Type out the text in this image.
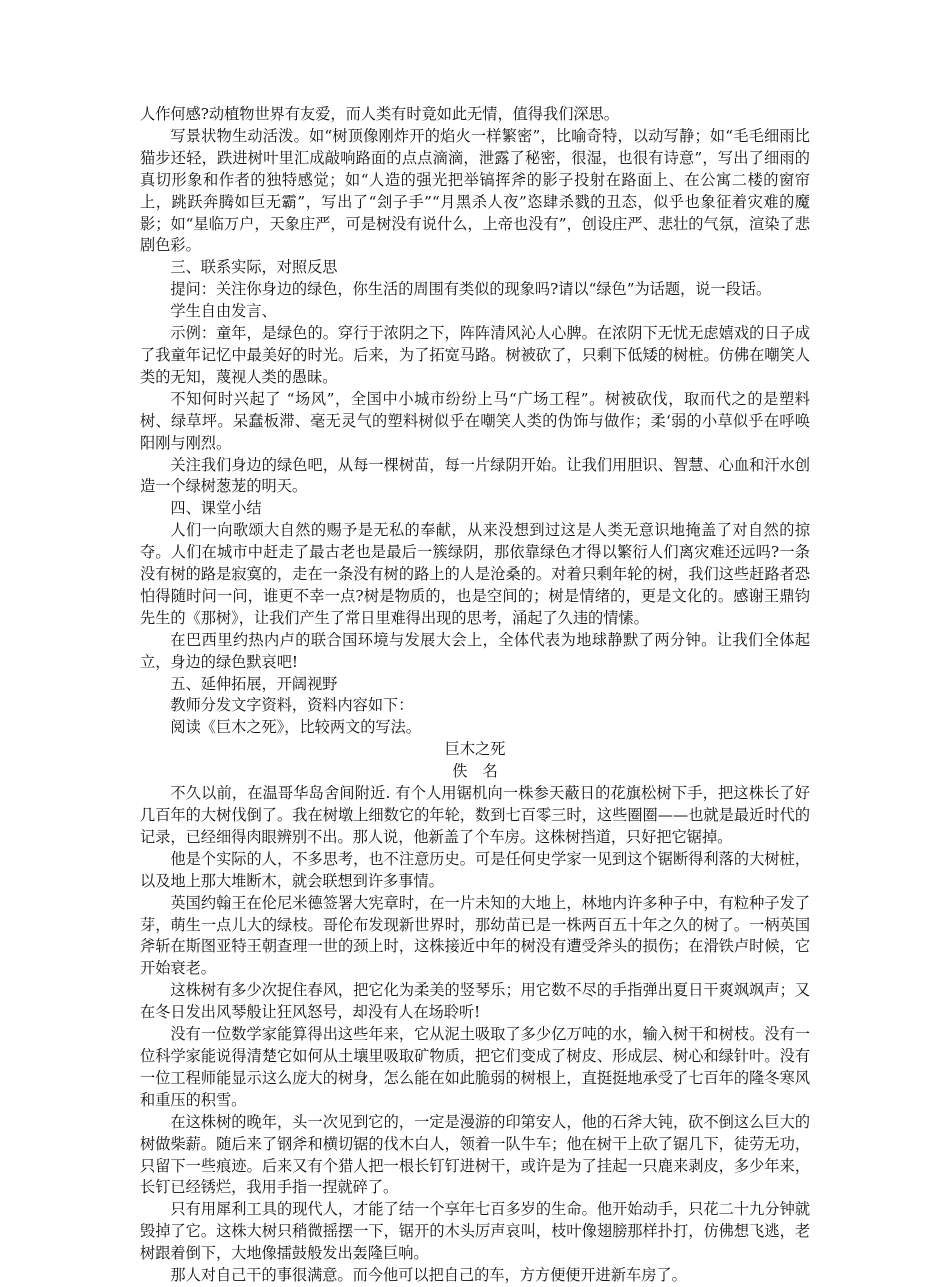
人作何感?动植物世界有友爱，而人类有时竟如此无情，值得我们深思。

写景状物生动活泼。如“树顶像刚炸开的焰火一样繁密”，比喻奇特，以动写静；如“毛毛细雨比猫步还轻，跌进树叶里汇成敲响路面的点点滴滴，泄露了秘密，很湿，也很有诗意”，写出了细雨的真切形象和作者的独特感觉；如“人造的强光把举镐挥斧的影子投射在路面上、在公寓二楼的窗帘上，跳跃奔腾如巨无霸”，写出了“刽子手”“月黑杀人夜”恣肆杀戮的丑态，似乎也象征着灾难的魔影；如“星临万户，天象庄严，可是树没有说什么，上帝也没有”，创设庄严、悲壮的气氛，渲染了悲剧色彩。

三、联系实际，对照反思

提问：关注你身边的绿色，你生活的周围有类似的现象吗?请以“绿色”为话题，说一段话。

学生自由发言、

示例：童年，是绿色的。穿行于浓阴之下，阵阵清风沁人心脾。在浓阴下无忧无虑嬉戏的日子成了我童年记忆中最美好的时光。后来，为了拓宽马路。树被砍了，只剩下低矮的树桩。仿佛在嘲笑人类的无知，蔑视人类的愚昧。

不知何时兴起了 “场风”，全国中小城市纷纷上马“广场工程”。树被砍伐，取而代之的是塑料树、绿草坪。呆蠢板滞、毫无灵气的塑料树似乎在嘲笑人类的伪饰与做作；柔‘弱的小草似乎在呼唤阳刚与刚烈。

关注我们身边的绿色吧，从每一棵树苗，每一片绿阴开始。让我们用胆识、智慧、心血和汗水创造一个绿树葱茏的明天。

四、课堂小结

人们一向歌颂大自然的赐予是无私的奉献，从来没想到过这是人类无意识地掩盖了对自然的掠夺。人们在城市中赶走了最古老也是最后一簇绿阴，那依靠绿色才得以繁衍人们离灾难还远吗?一条没有树的路是寂寞的，走在一条没有树的路上的人是沧桑的。对着只剩年轮的树，我们这些赶路者恐怕得随时问一问，谁更不幸一点?树是物质的，也是空间的；树是情绪的，更是文化的。感谢王鼎钧先生的《那树》，让我们产生了常日里难得出现的思考，涌起了久违的情愫。

在巴西里约热内卢的联合国环境与发展大会上，全体代表为地球静默了两分钟。让我们全体起立，身边的绿色默哀吧!

五、延伸拓展，开阔视野

教师分发文字资料，资料内容如下：

阅读《巨木之死》，比较两文的写法。

巨木之死

佚　名

不久以前，在温哥华岛舍间附近. 有个人用锯机向一株参天蔽日的花旗松树下手，把这株长了好几百年的大树伐倒了。我在树墩上细数它的年轮，数到七百零三时，这些圈圈——也就是最近时代的记录，已经细得肉眼辨别不出。那人说，他新盖了个车房。这株树挡道，只好把它锯掉。

他是个实际的人，不多思考，也不注意历史。可是任何史学家一见到这个锯断得利落的大树桩，以及地上那大堆断木，就会联想到许多事情。

英国约翰王在伦尼米德签署大宪章时，在一片未知的大地上，林地内许多种子中，有粒种子发了芽，萌生一点儿大的绿枝。哥伦布发现新世界时，那幼苗已是一株两百五十年之久的树了。一柄英国斧斩在斯图亚特王朝查理一世的颈上时，这株接近中年的树没有遭受斧头的损伤；在滑铁卢时候，它开始衰老。

这株树有多少次捉住春风，把它化为柔美的竖琴乐；用它数不尽的手指弹出夏日干爽飒飒声；又在冬日发出风琴般让狂风怒号，却没有人在场聆听!

没有一位数学家能算得出这些年来，它从泥土吸取了多少亿万吨的水，输入树干和树枝。没有一位科学家能说得清楚它如何从土壤里吸取矿物质，把它们变成了树皮、形成层、树心和绿针叶。没有一位工程师能显示这么庞大的树身，怎么能在如此脆弱的树根上，直挺挺地承受了七百年的隆冬寒风和重压的积雪。

在这株树的晚年，头一次见到它的，一定是漫游的印第安人，他的石斧大钝，砍不倒这么巨大的树做柴薪。随后来了钢斧和横切锯的伐木白人，领着一队牛车；他在树干上砍了锯几下，徒劳无功，只留下一些痕迹。后来又有个猎人把一根长钉钉进树干，或许是为了挂起一只鹿来剥皮，多少年来，长钉已经锈烂，我用手指一捏就碎了。

只有用犀利工具的现代人，才能了结一个享年七百多岁的生命。他开始动手，只花二十九分钟就毁掉了它。这株大树只稍微摇摆一下，锯开的木头厉声哀叫，枝叶像翅膀那样扑打，仿佛想飞逃，老树跟着倒下，大地像擂鼓般发出轰隆巨响。

那人对自己干的事很满意。而今他可以把自己的车，方方便便开进新车房了。
